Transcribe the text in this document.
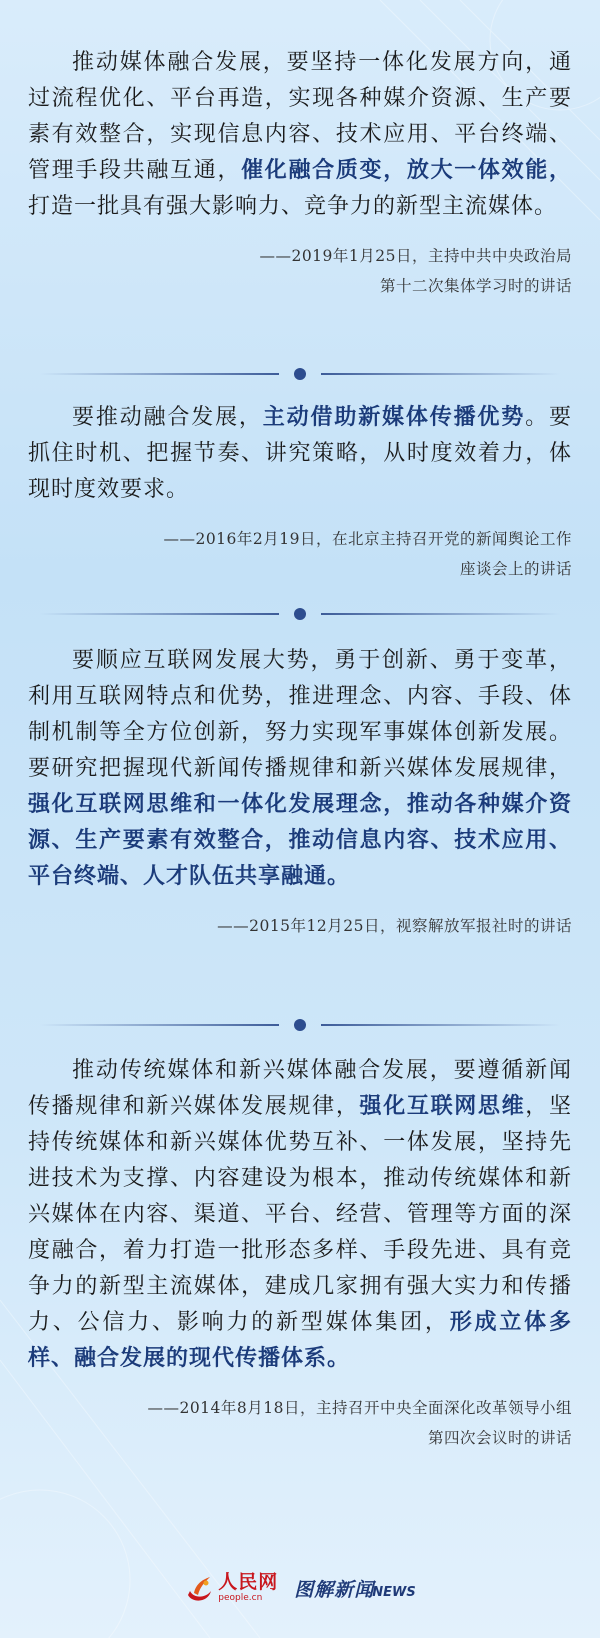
推动媒体融合发展，要坚持一体化发展方向，通过流程优化、平台再造，实现各种媒介资源、生产要素有效整合，实现信息内容、技术应用、平台终端、管理手段共融互通，催化融合质变，放大一体效能，打造一批具有强大影响力、竞争力的新型主流媒体。

——2019年1月25日，主持中共中央政治局
第十二次集体学习时的讲话

要推动融合发展，主动借助新媒体传播优势。要抓住时机、把握节奏、讲究策略，从时度效着力，体现时度效要求。

——2016年2月19日，在北京主持召开党的新闻舆论工作
座谈会上的讲话

要顺应互联网发展大势，勇于创新、勇于变革，利用互联网特点和优势，推进理念、内容、手段、体制机制等全方位创新，努力实现军事媒体创新发展。要研究把握现代新闻传播规律和新兴媒体发展规律，强化互联网思维和一体化发展理念，推动各种媒介资源、生产要素有效整合，推动信息内容、技术应用、平台终端、人才队伍共享融通。

——2015年12月25日，视察解放军报社时的讲话

推动传统媒体和新兴媒体融合发展，要遵循新闻传播规律和新兴媒体发展规律，强化互联网思维，坚持传统媒体和新兴媒体优势互补、一体发展，坚持先进技术为支撑、内容建设为根本，推动传统媒体和新兴媒体在内容、渠道、平台、经营、管理等方面的深度融合，着力打造一批形态多样、手段先进、具有竞争力的新型主流媒体，建成几家拥有强大实力和传播力、公信力、影响力的新型媒体集团，形成立体多样、融合发展的现代传播体系。

——2014年8月18日，主持召开中央全面深化改革领导小组
第四次会议时的讲话
人民网
people.cn	图解新闻
NEWS
